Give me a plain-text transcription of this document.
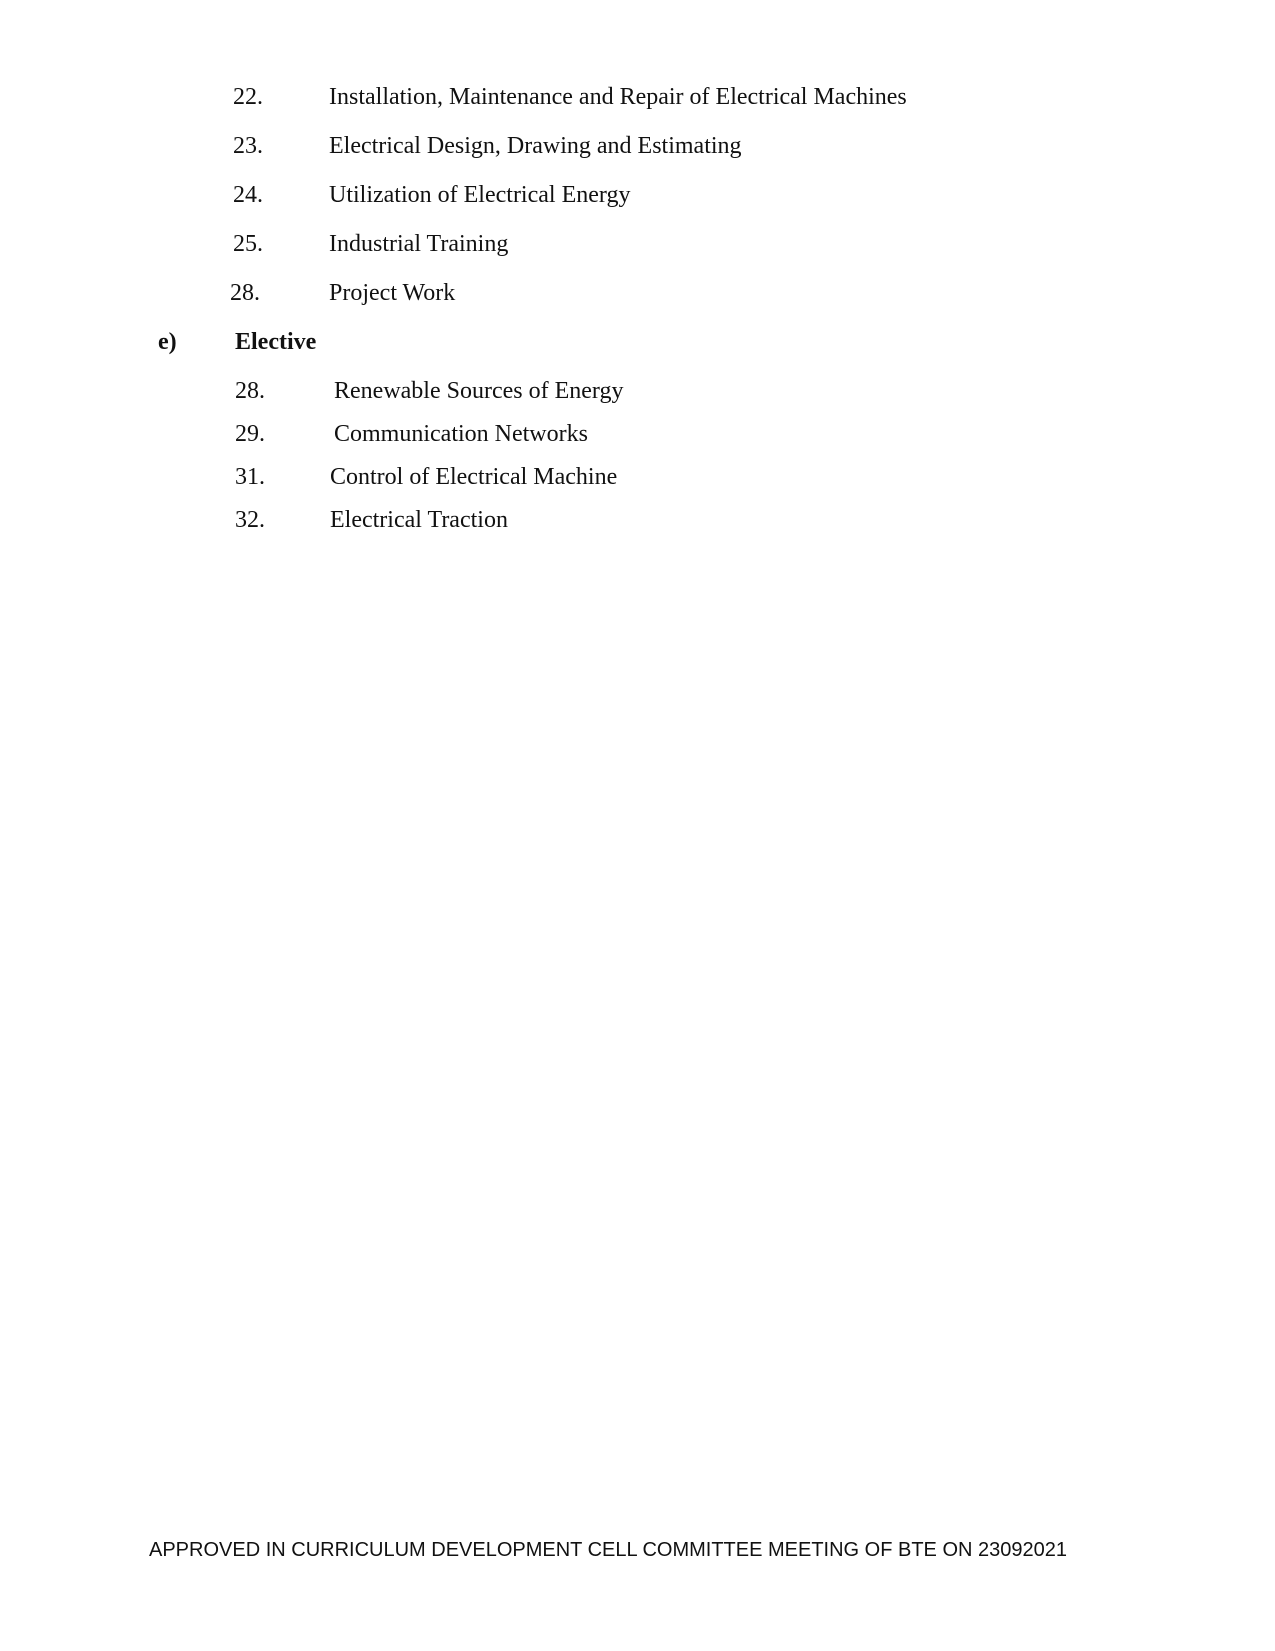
22.	Installation, Maintenance and Repair of Electrical Machines
23.	Electrical Design, Drawing and Estimating
24.	Utilization of Electrical Energy
25.	Industrial Training
28.	Project Work
e) Elective
28.	Renewable Sources of Energy
29.	Communication Networks
31.	Control of Electrical Machine
32.	Electrical Traction
APPROVED IN CURRICULUM DEVELOPMENT CELL COMMITTEE MEETING OF BTE ON 23092021
